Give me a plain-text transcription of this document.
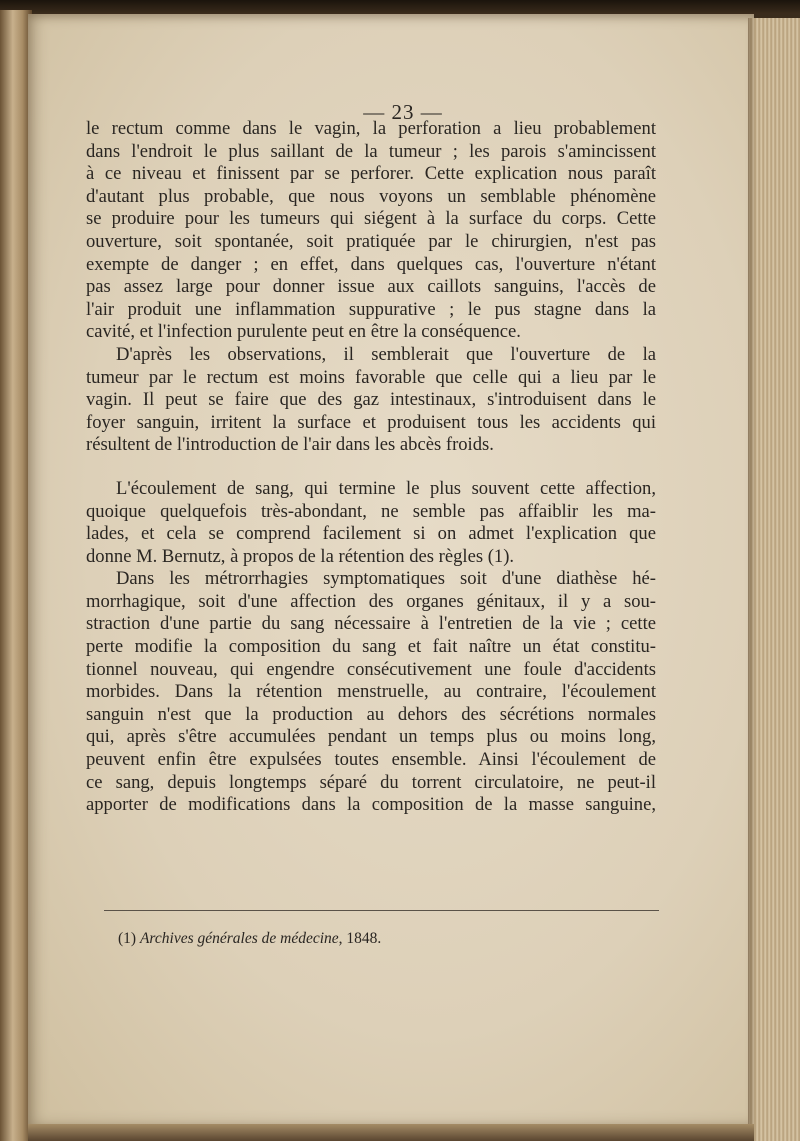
— 23 —

le rectum comme dans le vagin, la perforation a lieu probablement
dans l'endroit le plus saillant de la tumeur ; les parois s'amincissent
à ce niveau et finissent par se perforer. Cette explication nous paraît
d'autant plus probable, que nous voyons un semblable phénomène
se produire pour les tumeurs qui siégent à la surface du corps. Cette
ouverture, soit spontanée, soit pratiquée par le chirurgien, n'est pas
exempte de danger ; en effet, dans quelques cas, l'ouverture n'étant
pas assez large pour donner issue aux caillots sanguins, l'accès de
l'air produit une inflammation suppurative ; le pus stagne dans la
cavité, et l'infection purulente peut en être la conséquence.

D'après les observations, il semblerait que l'ouverture de la
tumeur par le rectum est moins favorable que celle qui a lieu par le
vagin. Il peut se faire que des gaz intestinaux, s'introduisent dans le
foyer sanguin, irritent la surface et produisent tous les accidents qui
résultent de l'introduction de l'air dans les abcès froids.

L'écoulement de sang, qui termine le plus souvent cette affection,
quoique quelquefois très-abondant, ne semble pas affaiblir les ma-
lades, et cela se comprend facilement si on admet l'explication que
donne M. Bernutz, à propos de la rétention des règles (1).

Dans les métrorrhagies symptomatiques soit d'une diathèse hé-
morrhagique, soit d'une affection des organes génitaux, il y a sou-
straction d'une partie du sang nécessaire à l'entretien de la vie ; cette
perte modifie la composition du sang et fait naître un état constitu-
tionnel nouveau, qui engendre consécutivement une foule d'accidents
morbides. Dans la rétention menstruelle, au contraire, l'écoulement
sanguin n'est que la production au dehors des sécrétions normales
qui, après s'être accumulées pendant un temps plus ou moins long,
peuvent enfin être expulsées toutes ensemble. Ainsi l'écoulement de
ce sang, depuis longtemps séparé du torrent circulatoire, ne peut-il
apporter de modifications dans la composition de la masse sanguine,

(1) Archives générales de médecine, 1848.
